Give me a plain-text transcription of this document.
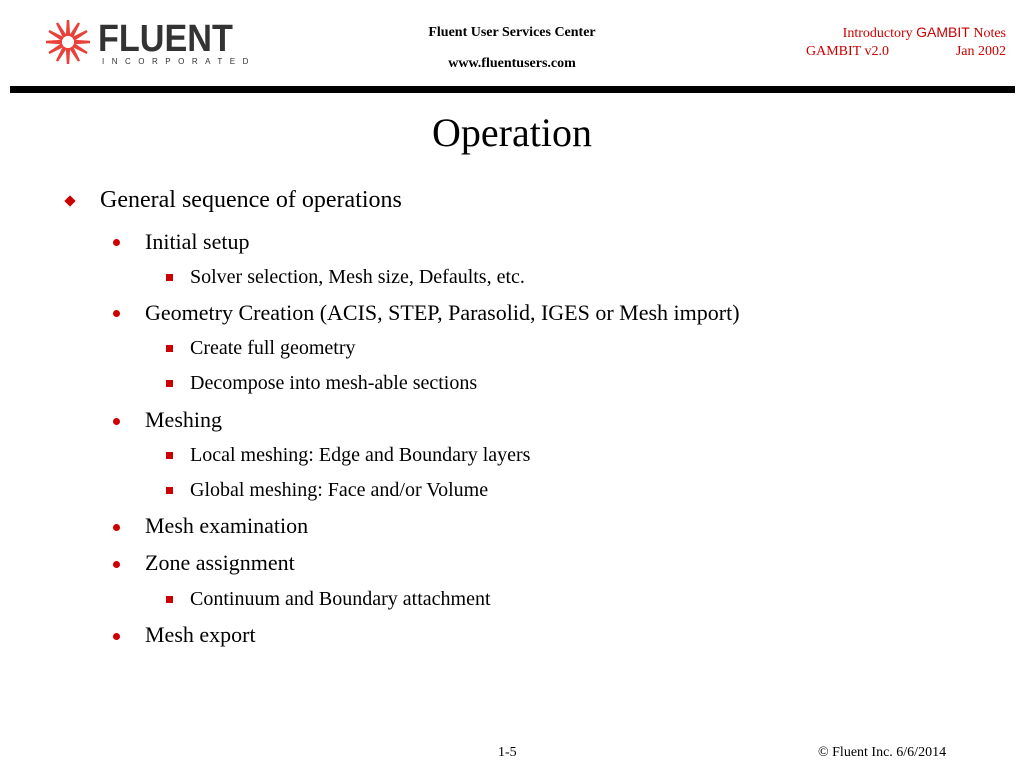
FLUENT
INCORPORATED
Fluent User Services Center
www.fluentusers.com
Introductory GAMBIT Notes
GAMBIT v2.0	Jan 2002
Operation
General sequence of operations
Initial setup
Solver selection, Mesh size, Defaults, etc.
Geometry Creation (ACIS, STEP, Parasolid, IGES or Mesh import)
Create full geometry
Decompose into mesh-able sections
Meshing
Local meshing: Edge and Boundary layers
Global meshing: Face and/or Volume
Mesh examination
Zone assignment
Continuum and Boundary attachment
Mesh export
1-5	© Fluent Inc. 6/6/2014
